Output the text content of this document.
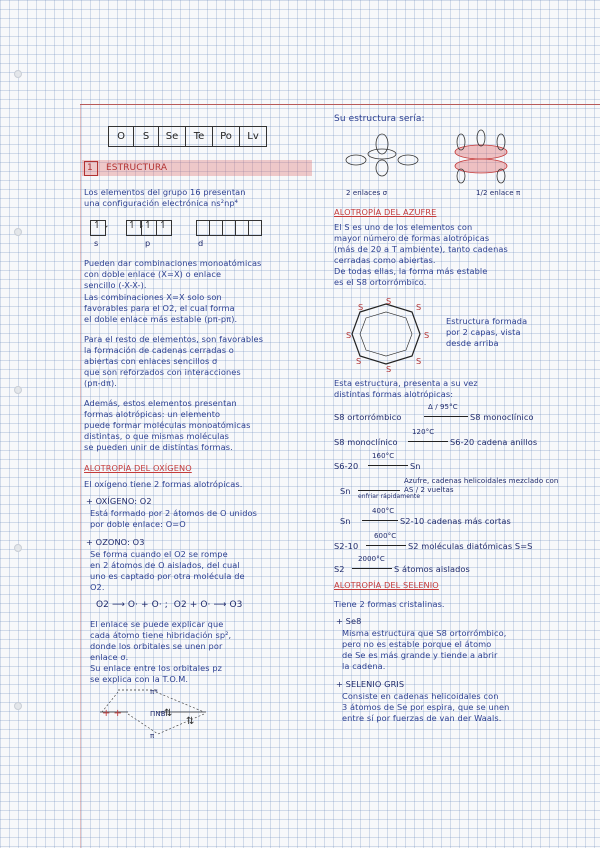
O	S	Se	Te	Po	Lv
1 ESTRUCTURA
Los elementos del grupo 16 presentan
una configuración electrónica ns²np⁴
↿⇂ ↿⇂ ↿ ↿
s	p	d
Pueden dar combinaciones monoatómicas
con doble enlace (X=X) o enlace
sencillo (-X-X-).
Las combinaciones X=X solo son
favorables para el O2, el cual forma
el doble enlace más estable (pπ-pπ).
Para el resto de elementos, son favorables
la formación de cadenas cerradas o
abiertas con enlaces sencillos σ
que son reforzados con interacciones
(pπ-dπ).
Además, estos elementos presentan
formas alotrópicas: un elemento
puede formar moléculas monoatómicas
distintas, o que mismas moléculas
se pueden unir de distintas formas.
ALOTROPÍA DEL OXÍGENO
El oxígeno tiene 2 formas alotrópicas.
+ OXÍGENO: O2
Está formado por 2 átomos de O unidos
por doble enlace: O=O
+ OZONO: O3
Se forma cuando el O2 se rompe
en 2 átomos de O aislados, del cual
uno es captado por otra molécula de
O2.
O2 ⟶ O· + O· ;  O2 + O· ⟶ O3
El enlace se puede explicar que
cada átomo tiene hibridación sp²,
donde los orbitales se unen por
enlace σ.
Su enlace entre los orbitales pz
se explica con la T.O.M.
+ +	⇅
⇅
π*
ΠNB
π
Su estructura sería:
2 enlaces σ	1/2 enlace π
ALOTROPÍA DEL AZUFRE
El S es uno de los elementos con
mayor número de formas alotrópicas
(más de 20 a T ambiente), tanto cadenas
cerradas como abiertas.
De todas ellas, la forma más estable
es el S8 ortorrómbico.
S
S
S
S
S
S
S
S
Estructura formada
por 2 capas, vista
desde arriba
Esta estructura, presenta a su vez
distintas formas alotrópicas:
S8 ortorrómbico
Δ / 95°C
S8 monoclínico
S8 monoclínico
120°C
S6-20 cadena anillos
S6-20
160°C
Sn
Sn
enfriar rápidamente
Azufre, cadenas helicoidales mezclado con AS / 2 vueltas
Sn
400°C
S2-10 cadenas más cortas
S2-10
600°C
S2 moléculas diatómicas S=S
S2
2000°C
S átomos aislados
ALOTROPÍA DEL SELENIO
Tiene 2 formas cristalinas.
+ Se8
Misma estructura que S8 ortorrómbico,
pero no es estable porque el átomo
de Se es más grande y tiende a abrir
la cadena.
+ SELENIO GRIS
Consiste en cadenas helicoidales con
3 átomos de Se por espira, que se unen
entre sí por fuerzas de van der Waals.
